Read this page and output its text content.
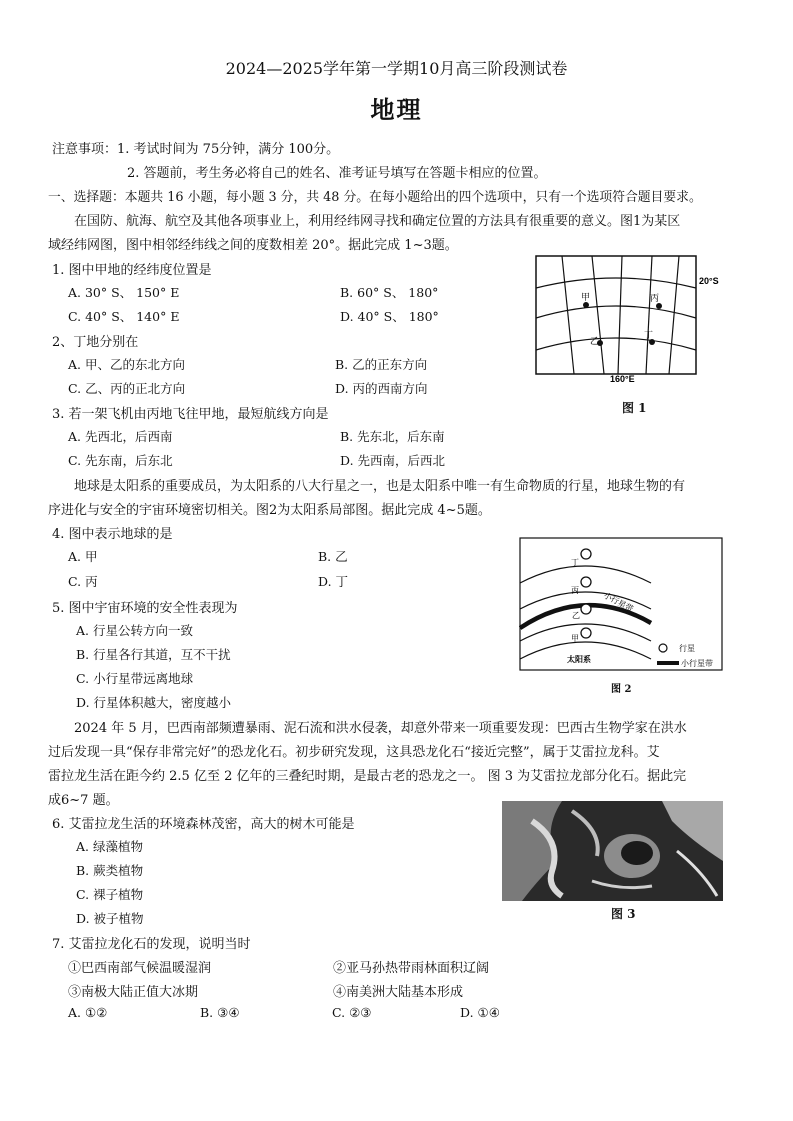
2024—2025学年第一学期10月高三阶段测试卷
地理
注意事项：1. 考试时间为 75分钟，满分 100分。
2. 答题前，考生务必将自己的姓名、准考证号填写在答题卡相应的位置。
一、选择题：本题共 16 小题，每小题 3 分，共 48 分。在每小题给出的四个选项中，只有一个选项符合题目要求。
在国防、航海、航空及其他各项事业上，利用经纬网寻找和确定位置的方法具有很重要的意义。图1为某区
域经纬网图，图中相邻经纬线之间的度数相差 20°。据此完成 1~3题。
1. 图中甲地的经纬度位置是
A. 30° S、 150° E	B. 60° S、 180°
C. 40° S、 140° E	D. 40° S、 180°
2、丁地分别在
A. 甲、乙的东北方向	B. 乙的正东方向
C. 乙、丙的正北方向	D. 丙的西南方向
3. 若一架飞机由丙地飞往甲地，最短航线方向是
A. 先西北，后西南	B. 先东北，后东南
C. 先东南，后东北	D. 先西南，后西北
甲	丙
乙
丁
20°S
160°E
图 1
地球是太阳系的重要成员，为太阳系的八大行星之一，也是太阳系中唯一有生命物质的行星，地球生物的有
序进化与安全的宇宙环境密切相关。图2为太阳系局部图。据此完成 4~5题。
4. 图中表示地球的是
A. 甲	B. 乙
C. 丙	D. 丁
5. 图中宇宙环境的安全性表现为
A. 行星公转方向一致
B. 行星各行其道，互不干扰
C. 小行星带远离地球
D. 行星体积越大，密度越小
丁
丙
乙
甲
小行星带
太阳系
行星
小行星带
图 2
2024 年 5 月，巴西南部频遭暴雨、泥石流和洪水侵袭，却意外带来一项重要发现：巴西古生物学家在洪水
过后发现一具“保存非常完好”的恐龙化石。初步研究发现，这具恐龙化石“接近完整”，属于艾雷拉龙科。艾
雷拉龙生活在距今约 2.5 亿至 2 亿年的三叠纪时期，是最古老的恐龙之一。 图 3 为艾雷拉龙部分化石。据此完
成6~7 题。
6. 艾雷拉龙生活的环境森林茂密，高大的树木可能是
A. 绿藻植物
B. 蕨类植物
C. 裸子植物
D. 被子植物	图 3
7. 艾雷拉龙化石的发现，说明当时
①巴西南部气候温暖湿润	②亚马孙热带雨林面积辽阔
③南极大陆正值大冰期	④南美洲大陆基本形成
A. ①②	B. ③④	C. ②③	D. ①④
